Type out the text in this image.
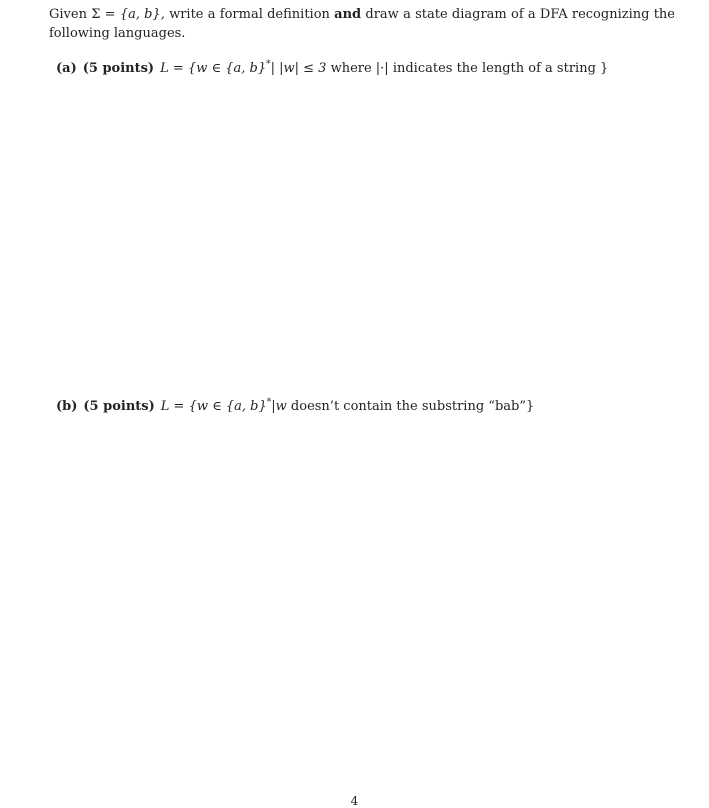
Given Σ = {a, b}, write a formal definition and draw a state diagram of a DFA recognizing the
following languages.
(a) (5 points) L = {w ∈ {a, b}*| |w| ≤ 3 where |·| indicates the length of a string }
(b) (5 points) L = {w ∈ {a, b}*|w doesn’t contain the substring “bab”}
4
